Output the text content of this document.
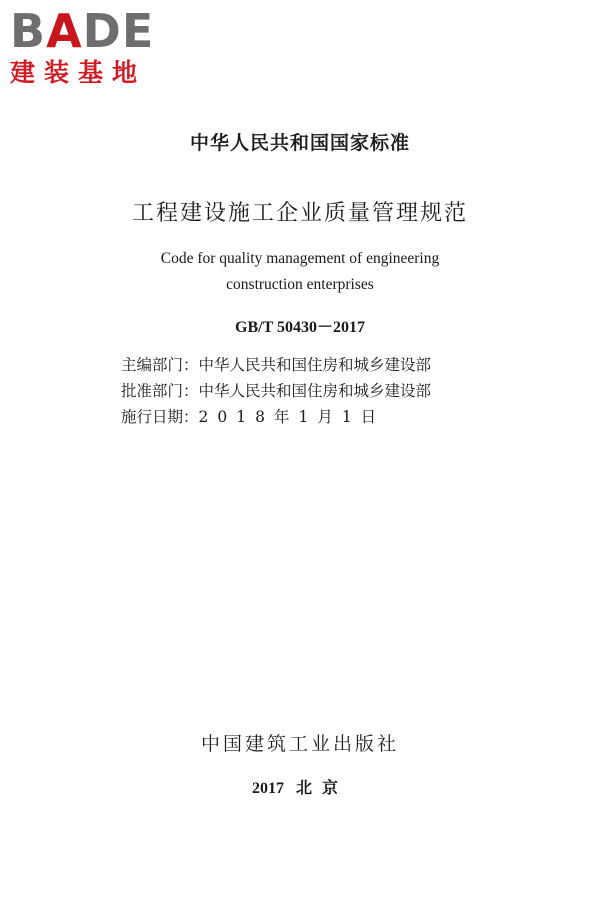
BADE
建装基地
中华人民共和国国家标准
工程建设施工企业质量管理规范
Code for quality management of engineering
construction enterprises
GB/T 50430－2017
主编部门：中华人民共和国住房和城乡建设部
批准部门：中华人民共和国住房和城乡建设部
施行日期：2018年1月1日
中国建筑工业出版社
2017 北京
